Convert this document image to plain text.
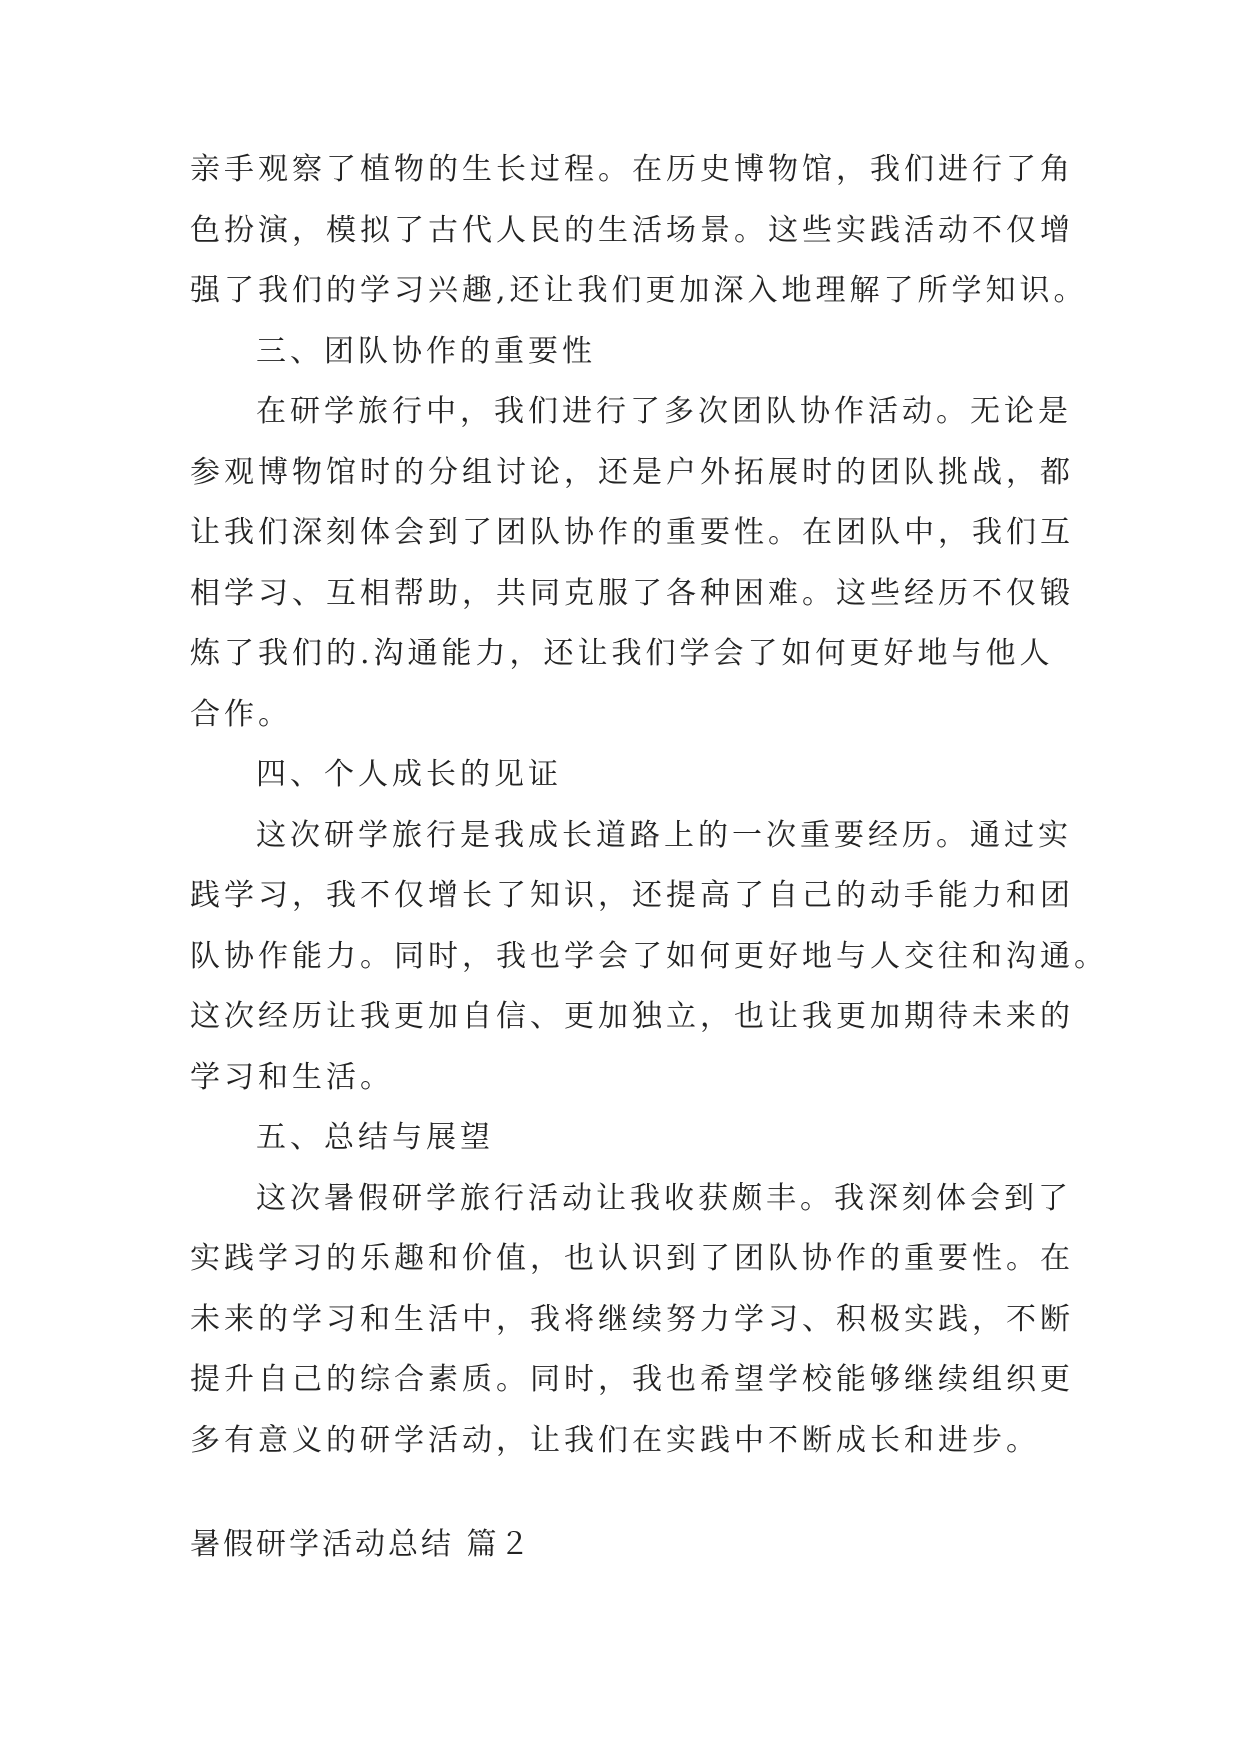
亲手观察了植物的生长过程。在历史博物馆，我们进行了角
色扮演，模拟了古代人民的生活场景。这些实践活动不仅增
强了我们的学习兴趣,还让我们更加深入地理解了所学知识。
三、团队协作的重要性
在研学旅行中，我们进行了多次团队协作活动。无论是
参观博物馆时的分组讨论，还是户外拓展时的团队挑战，都
让我们深刻体会到了团队协作的重要性。在团队中，我们互
相学习、互相帮助，共同克服了各种困难。这些经历不仅锻
炼了我们的.沟通能力，还让我们学会了如何更好地与他人
合作。
四、个人成长的见证
这次研学旅行是我成长道路上的一次重要经历。通过实
践学习，我不仅增长了知识，还提高了自己的动手能力和团
队协作能力。同时，我也学会了如何更好地与人交往和沟通。
这次经历让我更加自信、更加独立，也让我更加期待未来的
学习和生活。
五、总结与展望
这次暑假研学旅行活动让我收获颇丰。我深刻体会到了
实践学习的乐趣和价值，也认识到了团队协作的重要性。在
未来的学习和生活中，我将继续努力学习、积极实践，不断
提升自己的综合素质。同时，我也希望学校能够继续组织更
多有意义的研学活动，让我们在实践中不断成长和进步。
暑假研学活动总结 篇２
